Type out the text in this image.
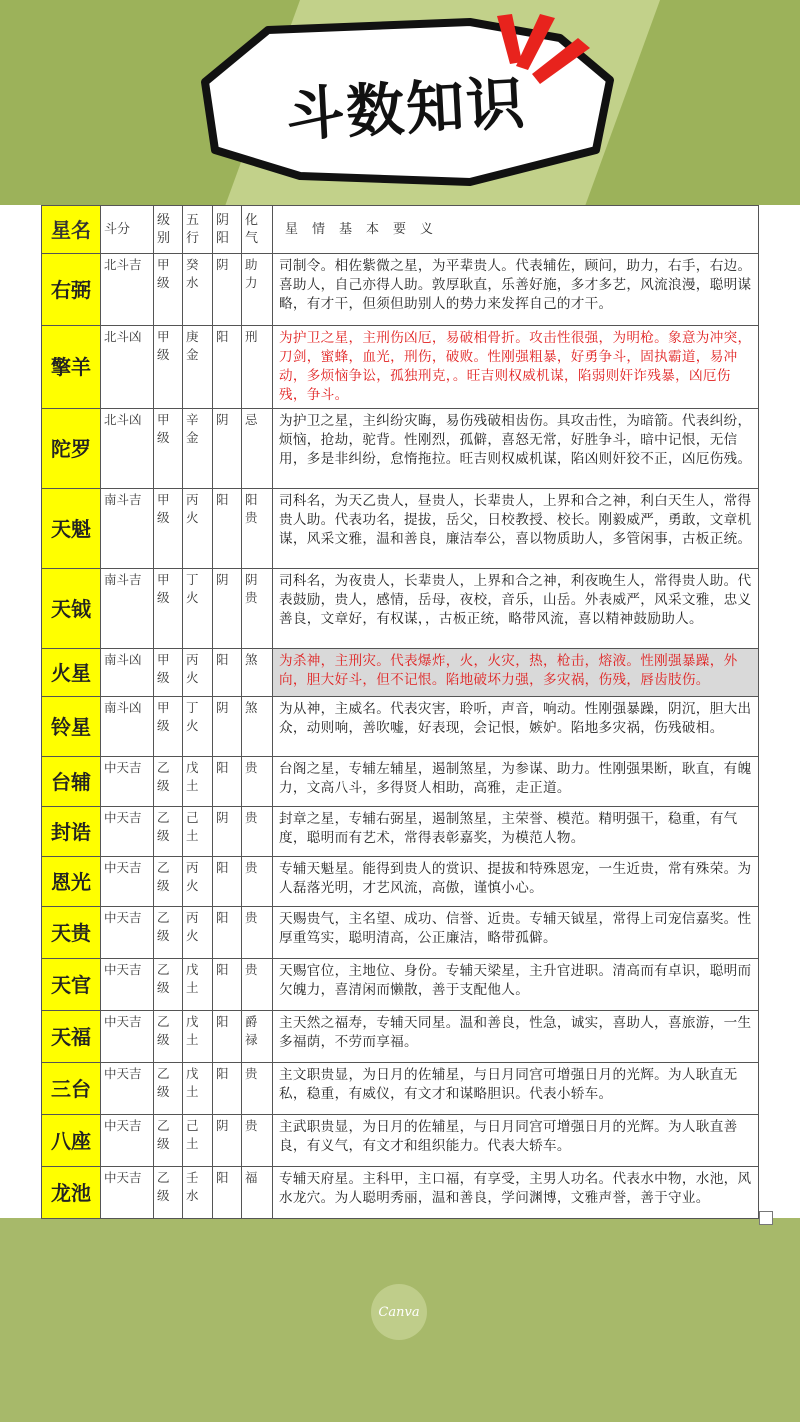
斗数知识
星名	斗分	级别	五行	阴阳	化气	星情基本要义
右弼	北斗吉	甲级	癸水	阴	助力	司制令。相佐紫微之星，为平辈贵人。代表辅佐，顾问，助力，右手，右边。喜助人，自己亦得人助。敦厚耿直，乐善好施，多才多艺，风流浪漫，聪明谋略，有才干，但须但助别人的势力来发挥自己的才干。
擎羊	北斗凶	甲级	庚金	阳	刑	为护卫之星，主刑伤凶厄，易破相骨折。攻击性很强，为明枪。象意为冲突，刀剑，蜜蜂，血光，刑伤，破败。性刚强粗暴，好勇争斗，固执霸道，易冲动，多烦恼争讼，孤独刑克，。旺吉则权威机谋，陷弱则奸诈残暴，凶厄伤残，争斗。
陀罗	北斗凶	甲级	辛金	阴	忌	为护卫之星，主纠纷灾晦，易伤残破相齿伤。具攻击性，为暗箭。代表纠纷，烦恼，抢劫，驼背。性刚烈，孤僻，喜怒无常，好胜争斗，暗中记恨，无信用，多是非纠纷，怠惰拖拉。旺吉则权威机谋，陷凶则奸狡不正，凶厄伤残。
天魁	南斗吉	甲级	丙火	阳	阳贵	司科名，为天乙贵人，昼贵人，长辈贵人，上界和合之神，利白天生人，常得贵人助。代表功名，提拔，岳父，日校教授、校长。刚毅威严，勇敢，文章机谋，风采文雅，温和善良，廉洁奉公，喜以物质助人，多管闲事，古板正统。
天钺	南斗吉	甲级	丁火	阴	阴贵	司科名，为夜贵人，长辈贵人，上界和合之神，利夜晚生人，常得贵人助。代表鼓励，贵人，感情，岳母，夜校，音乐，山岳。外表威严，风采文雅，忠义善良，文章好，有权谋，，古板正统，略带风流，喜以精神鼓励助人。
火星	南斗凶	甲级	丙火	阳	煞	为杀神，主刑灾。代表爆炸，火，火灾，热，枪击，熔液。性刚强暴躁，外向，胆大好斗，但不记恨。陷地破坏力强，多灾祸，伤残，唇齿肢伤。
铃星	南斗凶	甲级	丁火	阴	煞	为从神，主威名。代表灾害，聆听，声音，响动。性刚强暴躁，阴沉，胆大出众，动则响，善吹嘘，好表现，会记恨，嫉妒。陷地多灾祸，伤残破相。
台辅	中天吉	乙级	戊土	阳	贵	台阁之星，专辅左辅星，遏制煞星，为参谋、助力。性刚强果断，耿直，有魄力，文高八斗，多得贤人相助，高雅，走正道。
封诰	中天吉	乙级	己土	阴	贵	封章之星，专辅右弼星，遏制煞星，主荣誉、模范。精明强干，稳重，有气度，聪明而有艺术，常得表彰嘉奖，为模范人物。
恩光	中天吉	乙级	丙火	阳	贵	专辅天魁星。能得到贵人的赏识、提拔和特殊恩宠，一生近贵，常有殊荣。为人磊落光明，才艺风流，高傲，谨慎小心。
天贵	中天吉	乙级	丙火	阳	贵	天赐贵气，主名望、成功、信誉、近贵。专辅天钺星，常得上司宠信嘉奖。性厚重笃实，聪明清高，公正廉洁，略带孤僻。
天官	中天吉	乙级	戊土	阳	贵	天赐官位，主地位、身份。专辅天梁星，主升官进职。清高而有卓识，聪明而欠魄力，喜清闲而懒散，善于支配他人。
天福	中天吉	乙级	戊土	阳	爵禄	主天然之福寿，专辅天同星。温和善良，性急，诚实，喜助人，喜旅游，一生多福荫，不劳而享福。
三台	中天吉	乙级	戊土	阳	贵	主文职贵显，为日月的佐辅星，与日月同宫可增强日月的光辉。为人耿直无私，稳重，有威仪，有文才和谋略胆识。代表小轿车。
八座	中天吉	乙级	己土	阴	贵	主武职贵显，为日月的佐辅星，与日月同宫可增强日月的光辉。为人耿直善良，有义气，有文才和组织能力。代表大轿车。
龙池	中天吉	乙级	壬水	阳	福	专辅天府星。主科甲，主口福，有享受，主男人功名。代表水中物，水池，风水龙穴。为人聪明秀丽，温和善良，学问渊博，文雅声誉，善于守业。
Canva
